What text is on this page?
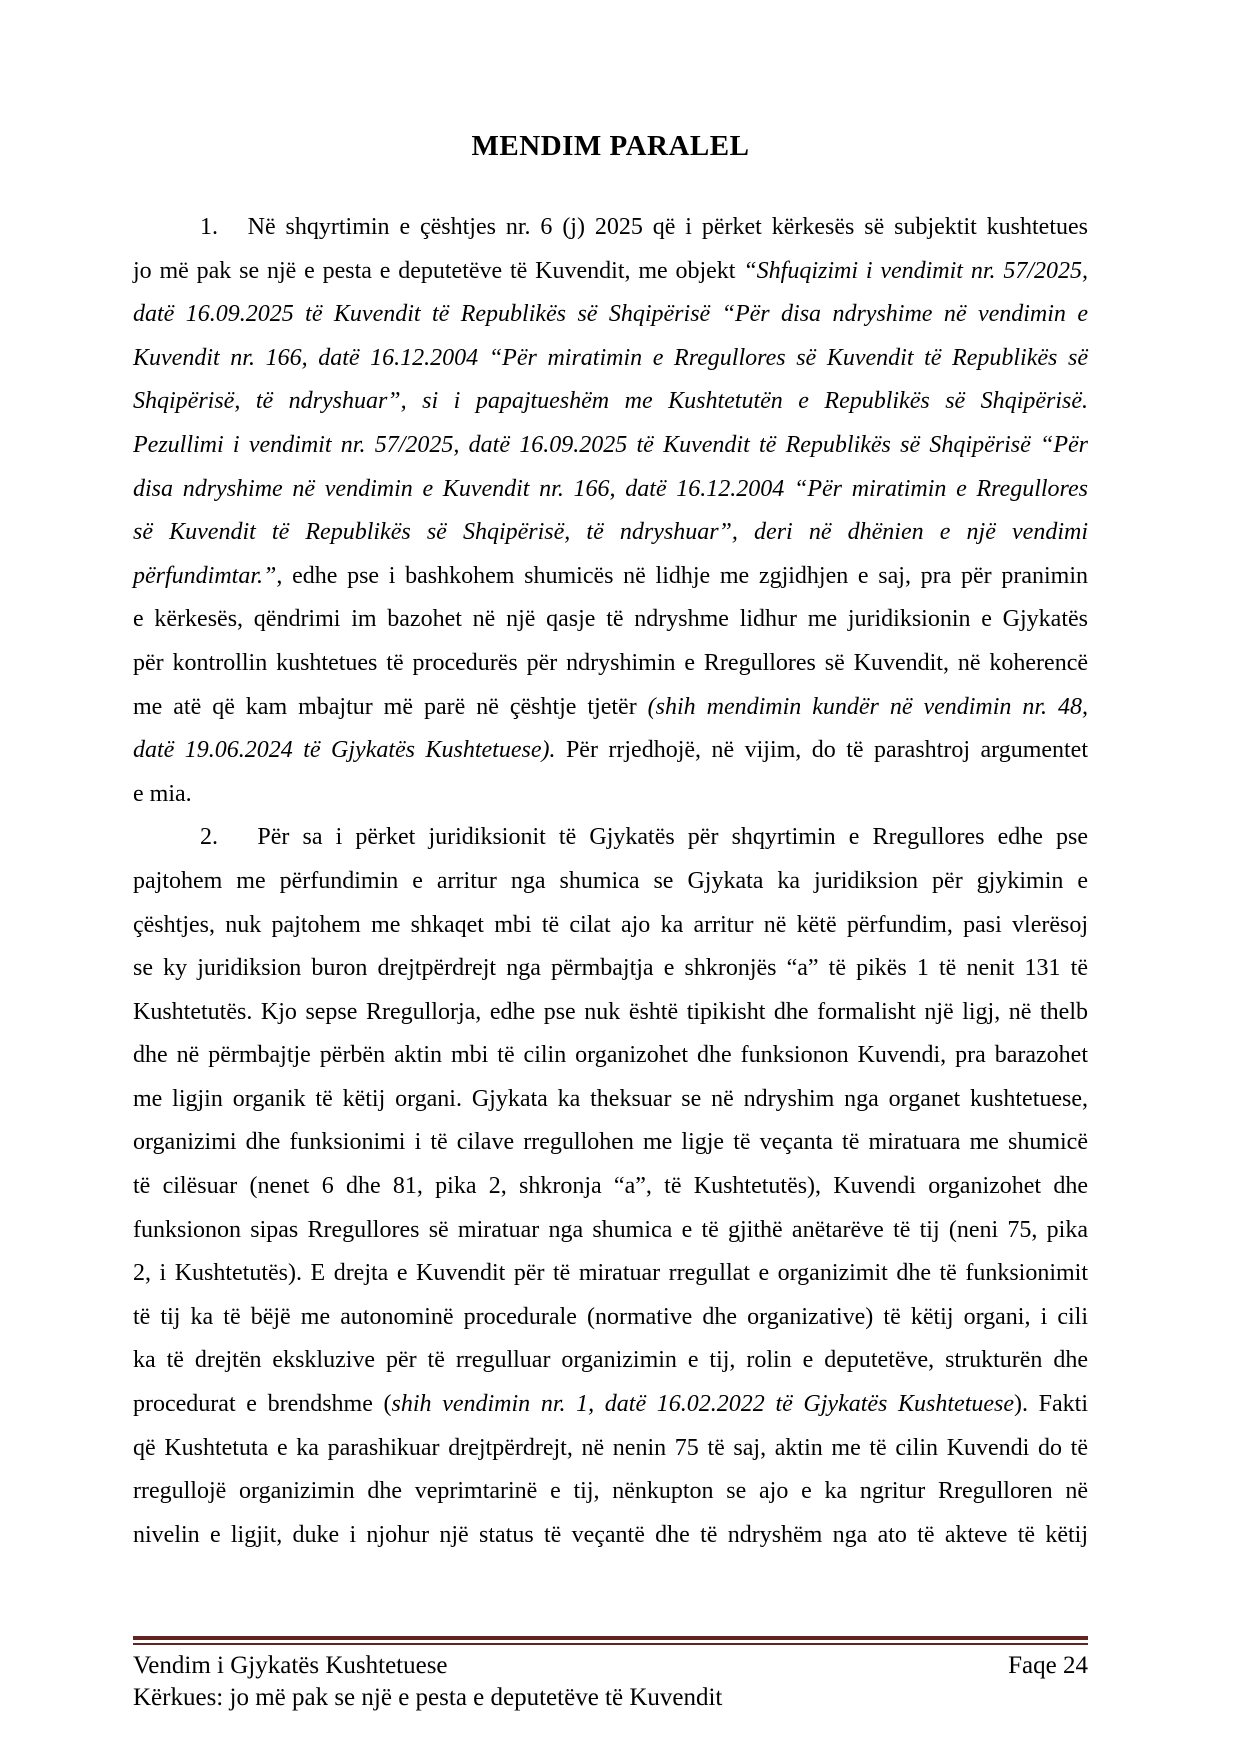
MENDIM PARALEL
1.   Në shqyrtimin e çështjes nr. 6 (j) 2025 që i përket kërkesës së subjektit kushtetues
jo më pak se një e pesta e deputetëve të Kuvendit, me objekt “Shfuqizimi i vendimit nr. 57/2025,
datë 16.09.2025 të Kuvendit të Republikës së Shqipërisë “Për disa ndryshime në vendimin e
Kuvendit nr. 166, datë 16.12.2004 “Për miratimin e Rregullores së Kuvendit të Republikës së
Shqipërisë, të ndryshuar”, si i papajtueshëm me Kushtetutën e Republikës së Shqipërisë.
Pezullimi i vendimit nr. 57/2025, datë 16.09.2025 të Kuvendit të Republikës së Shqipërisë “Për
disa ndryshime në vendimin e Kuvendit nr. 166, datë 16.12.2004 “Për miratimin e Rregullores
së Kuvendit të Republikës së Shqipërisë, të ndryshuar”, deri në dhënien e një vendimi
përfundimtar.”, edhe pse i bashkohem shumicës në lidhje me zgjidhjen e saj, pra për pranimin
e kërkesës, qëndrimi im bazohet në një qasje të ndryshme lidhur me juridiksionin e Gjykatës
për kontrollin kushtetues të procedurës për ndryshimin e Rregullores së Kuvendit, në koherencë
me atë që kam mbajtur më parë në çështje tjetër (shih mendimin kundër në vendimin nr. 48,
datë 19.06.2024 të Gjykatës Kushtetuese). Për rrjedhojë, në vijim, do të parashtroj argumentet
e mia.
2.   Për sa i përket juridiksionit të Gjykatës për shqyrtimin e Rregullores edhe pse
pajtohem me përfundimin e arritur nga shumica se Gjykata ka juridiksion për gjykimin e
çështjes, nuk pajtohem me shkaqet mbi të cilat ajo ka arritur në këtë përfundim, pasi vlerësoj
se ky juridiksion buron drejtpërdrejt nga përmbajtja e shkronjës “a” të pikës 1 të nenit 131 të
Kushtetutës. Kjo sepse Rregullorja, edhe pse nuk është tipikisht dhe formalisht një ligj, në thelb
dhe në përmbajtje përbën aktin mbi të cilin organizohet dhe funksionon Kuvendi, pra barazohet
me ligjin organik të këtij organi. Gjykata ka theksuar se në ndryshim nga organet kushtetuese,
organizimi dhe funksionimi i të cilave rregullohen me ligje të veçanta të miratuara me shumicë
të cilësuar (nenet 6 dhe 81, pika 2, shkronja “a”, të Kushtetutës), Kuvendi organizohet dhe
funksionon sipas Rregullores së miratuar nga shumica e të gjithë anëtarëve të tij (neni 75, pika
2, i Kushtetutës). E drejta e Kuvendit për të miratuar rregullat e organizimit dhe të funksionimit
të tij ka të bëjë me autonominë procedurale (normative dhe organizative) të këtij organi, i cili
ka të drejtën ekskluzive për të rregulluar organizimin e tij, rolin e deputetëve, strukturën dhe
procedurat e brendshme (shih vendimin nr. 1, datë 16.02.2022 të Gjykatës Kushtetuese). Fakti
që Kushtetuta e ka parashikuar drejtpërdrejt, në nenin 75 të saj, aktin me të cilin Kuvendi do të
rregullojë organizimin dhe veprimtarinë e tij, nënkupton se ajo e ka ngritur Rregulloren në
nivelin e ligjit, duke i njohur një status të veçantë dhe të ndryshëm nga ato të akteve të këtij
Vendim i Gjykatës Kushtetuese	Faqe 24
Kërkues: jo më pak se një e pesta e deputetëve të Kuvendit
